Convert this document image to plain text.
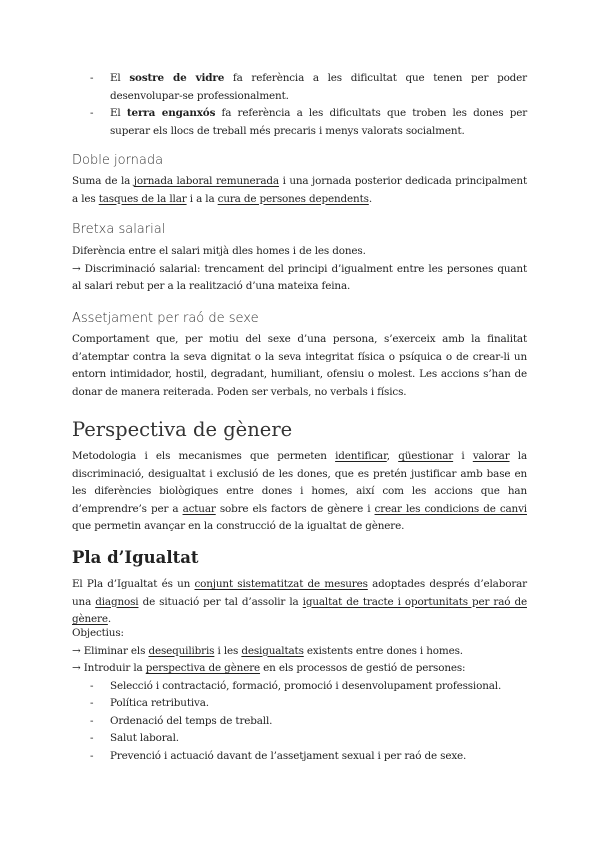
- El sostre de vidre fa referència a les dificultat que tenen per poder desenvolupar-se professionalment.
- El terra enganxós fa referència a les dificultats que troben les dones per superar els llocs de treball més precaris i menys valorats socialment.

Doble jornada

Suma de la jornada laboral remunerada i una jornada posterior dedicada principalment a les tasques de la llar i a la cura de persones dependents.

Bretxa salarial

Diferència entre el salari mitjà dles homes i de les dones.

→ Discriminació salarial: trencament del principi d’igualment entre les persones quant al salari rebut per a la realització d’una mateixa feina.

Assetjament per raó de sexe

Comportament que, per motiu del sexe d’una persona, s’exerceix amb la finalitat d’atemptar contra la seva dignitat o la seva integritat física o psíquica o de crear-li un entorn intimidador, hostil, degradant, humiliant, ofensiu o molest. Les accions s’han de donar de manera reiterada. Poden ser verbals, no verbals i físics.

Perspectiva de gènere

Metodologia i els mecanismes que permeten identificar, qüestionar i valorar la discriminació, desigualtat i exclusió de les dones, que es pretén justificar amb base en les diferències biològiques entre dones i homes, així com les accions que han d’emprendre’s per a actuar sobre els factors de gènere i crear les condicions de canvi que permetin avançar en la construcció de la igualtat de gènere.

Pla d’Igualtat

El Pla d’Igualtat és un conjunt sistematitzat de mesures adoptades després d’elaborar una diagnosi de situació per tal d’assolir la igualtat de tracte i oportunitats per raó de gènere.

Objectius:

→ Eliminar els desequilibris i les desigualtats existents entre dones i homes.

→ Introduir la perspectiva de gènere en els processos de gestió de persones:

- Selecció i contractació, formació, promoció i desenvolupament professional.
- Política retributiva.
- Ordenació del temps de treball.
- Salut laboral.
- Prevenció i actuació davant de l’assetjament sexual i per raó de sexe.
